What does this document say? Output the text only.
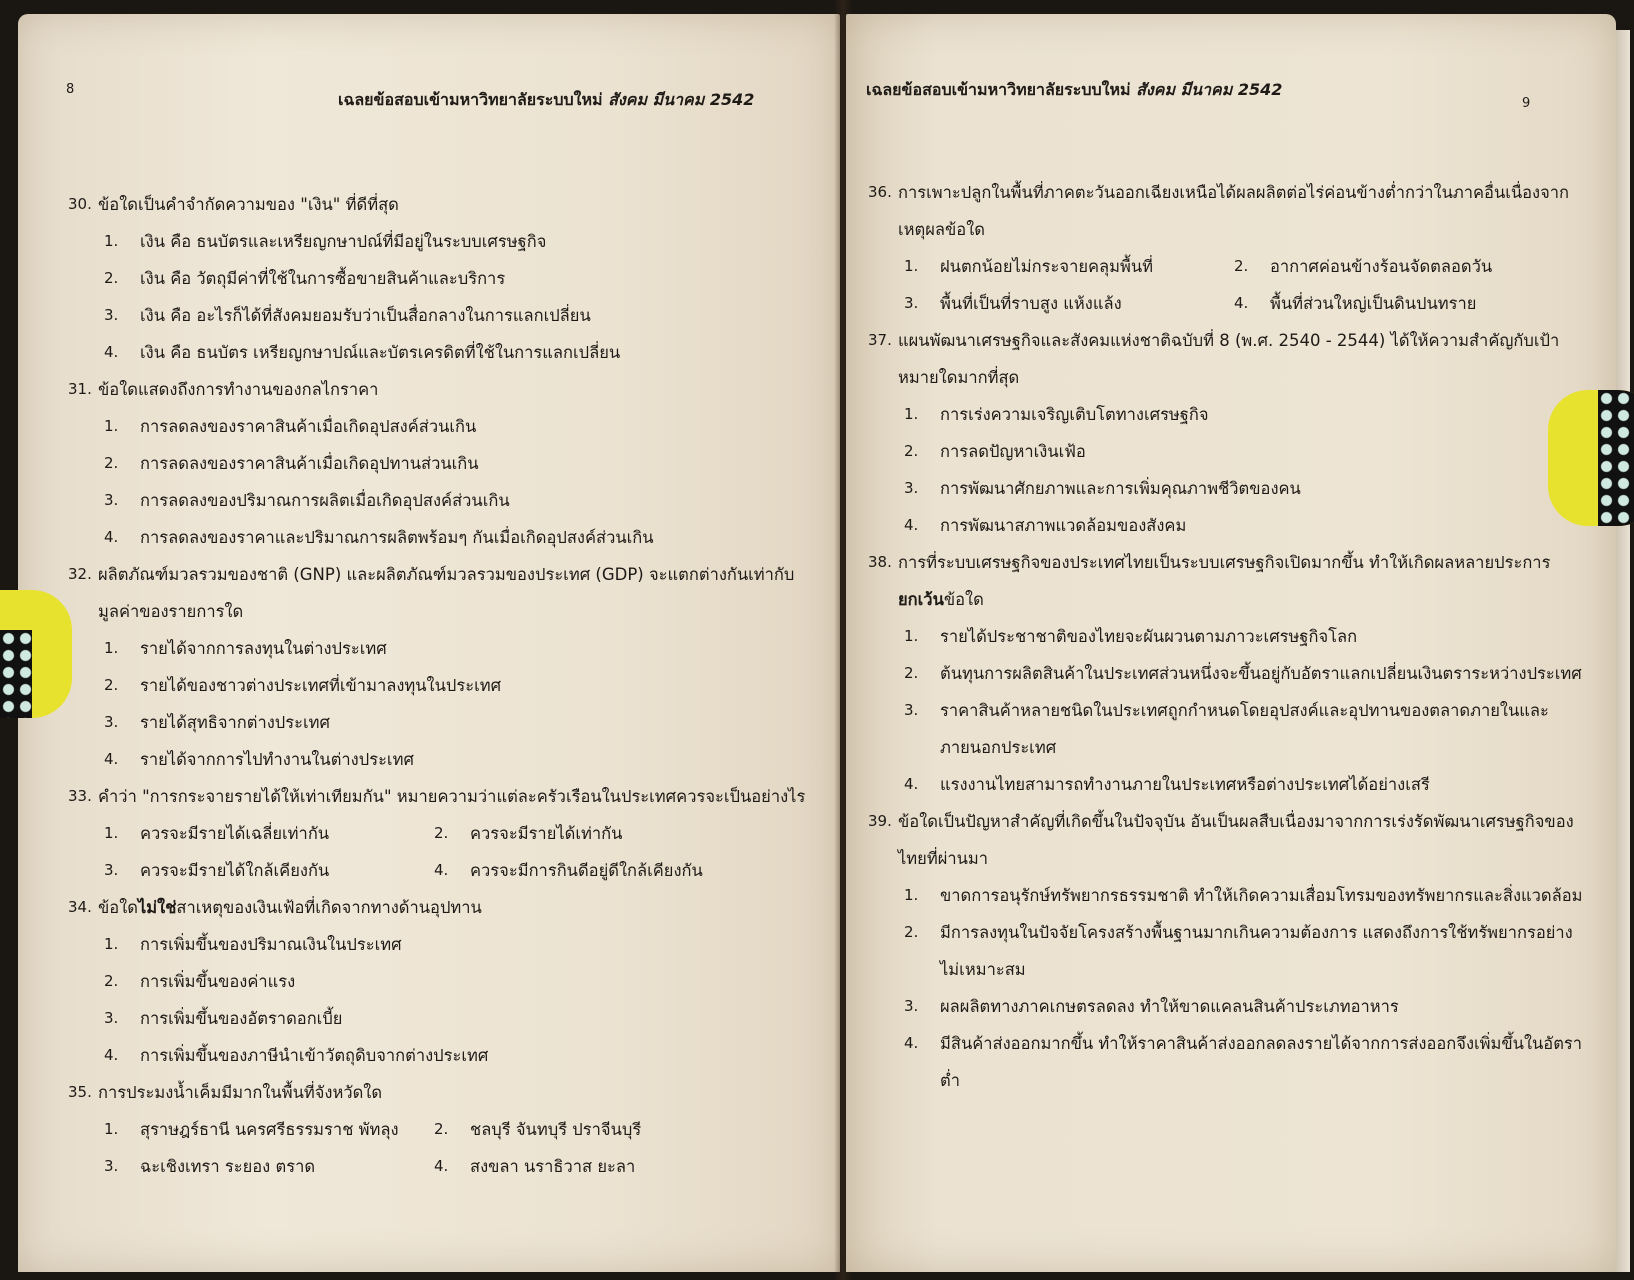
8
เฉลยข้อสอบเข้ามหาวิทยาลัยระบบใหม่ สังคม มีนาคม 2542
30. ข้อใดเป็นคำจำกัดความของ "เงิน" ที่ดีที่สุด
1. เงิน คือ ธนบัตรและเหรียญกษาปณ์ที่มีอยู่ในระบบเศรษฐกิจ
2. เงิน คือ วัตถุมีค่าที่ใช้ในการซื้อขายสินค้าและบริการ
3. เงิน คือ อะไรก็ได้ที่สังคมยอมรับว่าเป็นสื่อกลางในการแลกเปลี่ยน
4. เงิน คือ ธนบัตร เหรียญกษาปณ์และบัตรเครดิตที่ใช้ในการแลกเปลี่ยน
31. ข้อใดแสดงถึงการทำงานของกลไกราคา
1. การลดลงของราคาสินค้าเมื่อเกิดอุปสงค์ส่วนเกิน
2. การลดลงของราคาสินค้าเมื่อเกิดอุปทานส่วนเกิน
3. การลดลงของปริมาณการผลิตเมื่อเกิดอุปสงค์ส่วนเกิน
4. การลดลงของราคาและปริมาณการผลิตพร้อมๆ กันเมื่อเกิดอุปสงค์ส่วนเกิน
32. ผลิตภัณฑ์มวลรวมของชาติ (GNP) และผลิตภัณฑ์มวลรวมของประเทศ (GDP) จะแตกต่างกันเท่ากับมูลค่าของรายการใด
1. รายได้จากการลงทุนในต่างประเทศ
2. รายได้ของชาวต่างประเทศที่เข้ามาลงทุนในประเทศ
3. รายได้สุทธิจากต่างประเทศ
4. รายได้จากการไปทำงานในต่างประเทศ
33. คำว่า "การกระจายรายได้ให้เท่าเทียมกัน" หมายความว่าแต่ละครัวเรือนในประเทศควรจะเป็นอย่างไร
1. ควรจะมีรายได้เฉลี่ยเท่ากัน	2. ควรจะมีรายได้เท่ากัน
3. ควรจะมีรายได้ใกล้เคียงกัน	4. ควรจะมีการกินดีอยู่ดีใกล้เคียงกัน
34. ข้อใดไม่ใช่สาเหตุของเงินเฟ้อที่เกิดจากทางด้านอุปทาน
1. การเพิ่มขึ้นของปริมาณเงินในประเทศ
2. การเพิ่มขึ้นของค่าแรง
3. การเพิ่มขึ้นของอัตราดอกเบี้ย
4. การเพิ่มขึ้นของภาษีนำเข้าวัตถุดิบจากต่างประเทศ
35. การประมงน้ำเค็มมีมากในพื้นที่จังหวัดใด
1. สุราษฎร์ธานี นครศรีธรรมราช พัทลุง	2. ชลบุรี จันทบุรี ปราจีนบุรี
3. ฉะเชิงเทรา ระยอง ตราด	4. สงขลา นราธิวาส ยะลา
เฉลยข้อสอบเข้ามหาวิทยาลัยระบบใหม่ สังคม มีนาคม 2542
9
36. การเพาะปลูกในพื้นที่ภาคตะวันออกเฉียงเหนือได้ผลผลิตต่อไร่ค่อนข้างต่ำกว่าในภาคอื่นเนื่องจากเหตุผลข้อใด
1. ฝนตกน้อยไม่กระจายคลุมพื้นที่	2. อากาศค่อนข้างร้อนจัดตลอดวัน
3. พื้นที่เป็นที่ราบสูง แห้งแล้ง	4. พื้นที่ส่วนใหญ่เป็นดินปนทราย
37. แผนพัฒนาเศรษฐกิจและสังคมแห่งชาติฉบับที่ 8 (พ.ศ. 2540 - 2544) ได้ให้ความสำคัญกับเป้าหมายใดมากที่สุด
1. การเร่งความเจริญเติบโตทางเศรษฐกิจ
2. การลดปัญหาเงินเฟ้อ
3. การพัฒนาศักยภาพและการเพิ่มคุณภาพชีวิตของคน
4. การพัฒนาสภาพแวดล้อมของสังคม
38. การที่ระบบเศรษฐกิจของประเทศไทยเป็นระบบเศรษฐกิจเปิดมากขึ้น ทำให้เกิดผลหลายประการ ยกเว้นข้อใด
1. รายได้ประชาชาติของไทยจะผันผวนตามภาวะเศรษฐกิจโลก
2. ต้นทุนการผลิตสินค้าในประเทศส่วนหนึ่งจะขึ้นอยู่กับอัตราแลกเปลี่ยนเงินตราระหว่างประเทศ
3. ราคาสินค้าหลายชนิดในประเทศถูกกำหนดโดยอุปสงค์และอุปทานของตลาดภายในและภายนอกประเทศ
4. แรงงานไทยสามารถทำงานภายในประเทศหรือต่างประเทศได้อย่างเสรี
39. ข้อใดเป็นปัญหาสำคัญที่เกิดขึ้นในปัจจุบัน อันเป็นผลสืบเนื่องมาจากการเร่งรัดพัฒนาเศรษฐกิจของไทยที่ผ่านมา
1. ขาดการอนุรักษ์ทรัพยากรธรรมชาติ ทำให้เกิดความเสื่อมโทรมของทรัพยากรและสิ่งแวดล้อม
2. มีการลงทุนในปัจจัยโครงสร้างพื้นฐานมากเกินความต้องการ แสดงถึงการใช้ทรัพยากรอย่างไม่เหมาะสม
3. ผลผลิตทางภาคเกษตรลดลง ทำให้ขาดแคลนสินค้าประเภทอาหาร
4. มีสินค้าส่งออกมากขึ้น ทำให้ราคาสินค้าส่งออกลดลงรายได้จากการส่งออกจึงเพิ่มขึ้นในอัตราต่ำ
